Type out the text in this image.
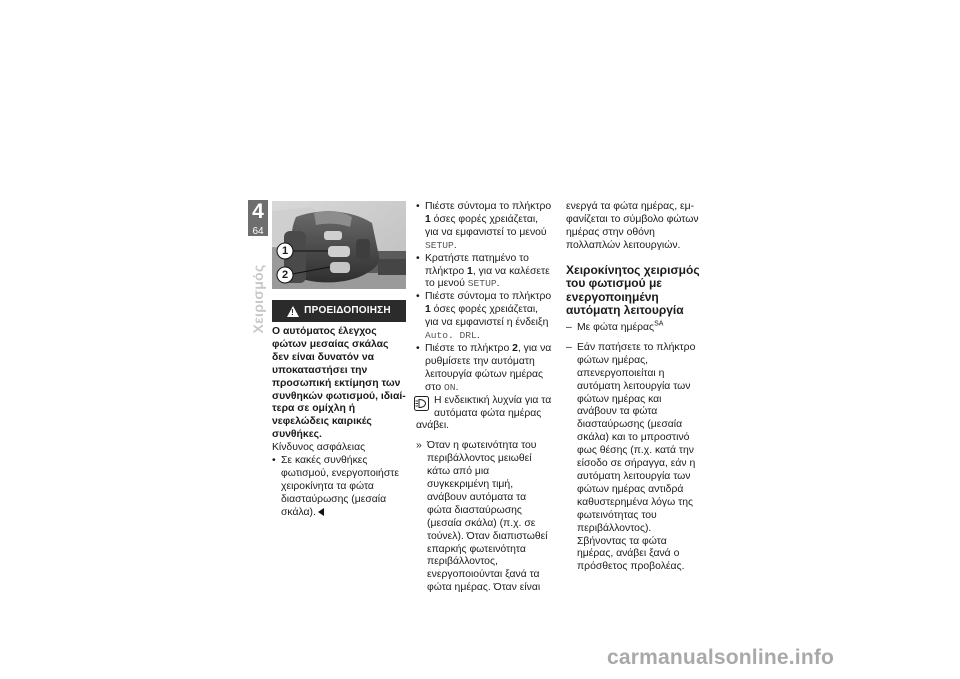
4
64
Χειρισμός
1
2
!
ΠΡΟΕΙΔΟΠΟΙΗΣΗ
Ο αυτόματος έλεγχος φώτων μεσαίας σκάλας δεν είναι δυνατόν να υποκαταστήσει την προσωπική εκτίμηση των συνθηκών φωτισμού, ιδιαίτερα σε ομίχλη ή νεφελώδεις καιρικές συνθήκες.
Κίνδυνος ασφάλειας
• Σε κακές συνθήκες φωτισμού, ενεργοποιήστε χειροκίνητα τα φώτα διασταύρωσης (μεσαία σκάλα).
• Πιέστε σύντομα το πλήκτρο 1 όσες φορές χρειάζεται, για να εμφανιστεί το μενού SETUP.
• Κρατήστε πατημένο το πλήκτρο 1, για να καλέσετε το μενού SETUP.
• Πιέστε σύντομα το πλήκτρο 1 όσες φορές χρειάζεται, για να εμφανιστεί η ένδειξη Auto. DRL.
• Πιέστε το πλήκτρο 2, για να ρυθμίσετε την αυτόματη λειτουργία φώτων ημέρας στο ON.
Η ενδεικτική λυχνία για τα αυτόματα φώτα ημέρας
ανάβει.
» Όταν η φωτεινότητα του περιβάλλοντος μειωθεί κάτω από μια συγκεκριμένη τιμή, ανάβουν αυτόματα τα φώτα διασταύρωσης (μεσαία σκάλα) (π.χ. σε τούνελ). Όταν διαπιστωθεί επαρκής φωτεινότητα περιβάλλοντος, ενεργοποιούνται ξανά τα φώτα ημέρας. Όταν είναι
ενεργά τα φώτα ημέρας, εμφανίζεται το σύμβολο φώτων ημέρας στην οθόνη πολλαπλών λειτουργιών.
Χειροκίνητος χειρισμός του φωτισμού με ενεργοποιημένη αυτόματη λειτουργία
– Με φώτα ημέρας$^{SA}$
– Εάν πατήσετε το πλήκτρο φώτων ημέρας, απενεργοποιείται η αυτόματη λειτουργία των φώτων ημέρας και ανάβουν τα φώτα διασταύρωσης (μεσαία σκάλα) και το μπροστινό φως θέσης (π.χ. κατά την είσοδο σε σήραγγα, εάν η αυτόματη λειτουργία των φώτων ημέρας αντιδρά καθυστερημένα λόγω της φωτεινότητας του περιβάλλοντος). Σβήνοντας τα φώτα ημέρας, ανάβει ξανά ο πρόσθετος προβολέας.
carmanualsonline.info
